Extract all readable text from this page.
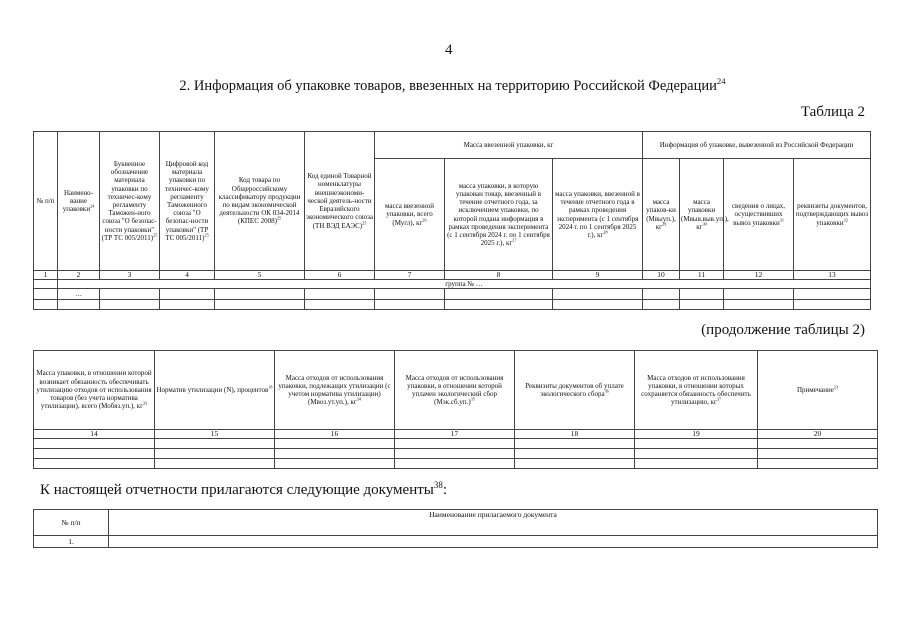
4
2. Информация об упаковке товаров, ввезенных на территорию Российской Федерации$^{24}$
Таблица 2
№ п/п	Наимено-вание упаковки$^{24}$	Буквенное обозначение материала упаковки по техничес-кому регламенту Таможен-ного союза "О безопас-ности упаковки" (ТР ТС 005/2011)$^{25}$	Цифровой код материала упаковки по техничес-кому регламенту Таможенного союза "О безопас-ности упаковки" (ТР ТС 005/2011)$^{25}$	Код товара по Общероссийскому классификатору продукции по видам экономической деятельности ОК 034-2014 (КПЕС 2008)$^{25}$	Код единой Товарной номенклатуры внешнеэкономи-ческой деятель-ности Евразийского экономического союза (ТН ВЭД ЕАЭС)$^{25}$	Масса ввезенной упаковки, кг			Информация об упаковке, вывезенной из Российской Федерации			
						масса ввезенной упаковки, всего (Мугл), $кг^{26}$	масса упаковки, в которую упакован товар, ввезенный в течение отчетного года, за исключением упаковки, по которой подана информация в рамках проведения эксперимента (с 1 сентября 2024 г. по 1 сентября 2025 г.), $кг^{27}$	масса упаковки, ввезенной в течение отчетного года в рамках проведения эксперимента (с 1 сентября 2024 г. по 1 сентября 2025 г.), $кг^{28}$	масса упаков-ки (Мвыуп.), $кг^{29}$	масса упаковки (Мвыв.выв.уп.), $кг^{30}$	сведения о лицах, осуществивших вывоз упаковки$^{31}$	реквизиты документов, подтверждающих вывоз упаковки$^{32}$
1	2	3	4	5	6	7	8	9	10	11	12	13
	группа № …											
	…											

(продолжение таблицы 2)
Масса упаковки, в отношении которой возникает обязанность обеспечивать утилизацию отходов от использования товаров (без учета норматива утилизации), всего (Мобяз.уп.), $кг^{33}$	Норматив утилизации (N), процентов$^{18}$	Масса отходов от использования упаковки, подлежащих утилизации (с учетом норматива утилизации) (Мвоз.ут.уп.), $кг^{34}$	Масса отходов от использования упаковки, в отношении которой уплачен экологический сбор $(Мэк.сб.уп.)^{35}$	Реквизиты документов об уплате экологического сбора$^{36}$	Масса отходов от использования упаковки, в отношении которых сохраняется обязанность обеспечить утилизацию, $кг^{37}$	Примечание$^{23}$
14	15	16	17	18	19	20

К настоящей отчетности прилагаются следующие документы$^{38}$:
№ п/п	Наименование прилагаемого документа
1.	
